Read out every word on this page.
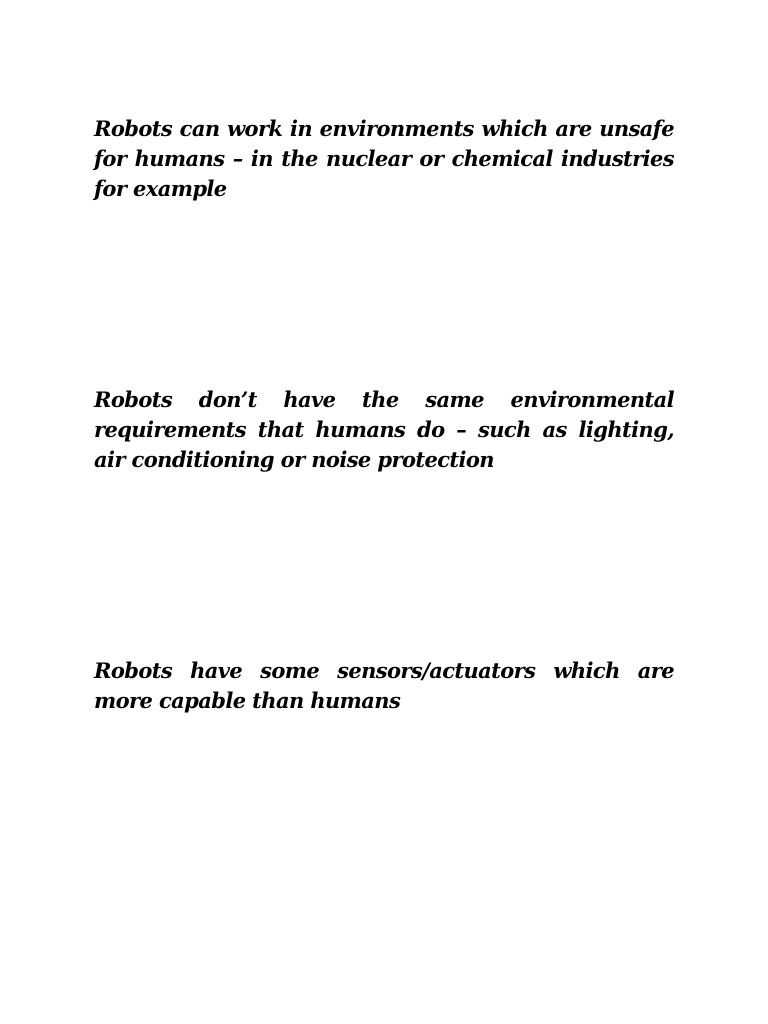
Robots can work in environments which are unsafe for humans – in the nuclear or chemical industries for example

Robots don’t have the same environmental requirements that humans do – such as lighting, air conditioning or noise protection

Robots have some sensors/actuators which are more capable than humans
